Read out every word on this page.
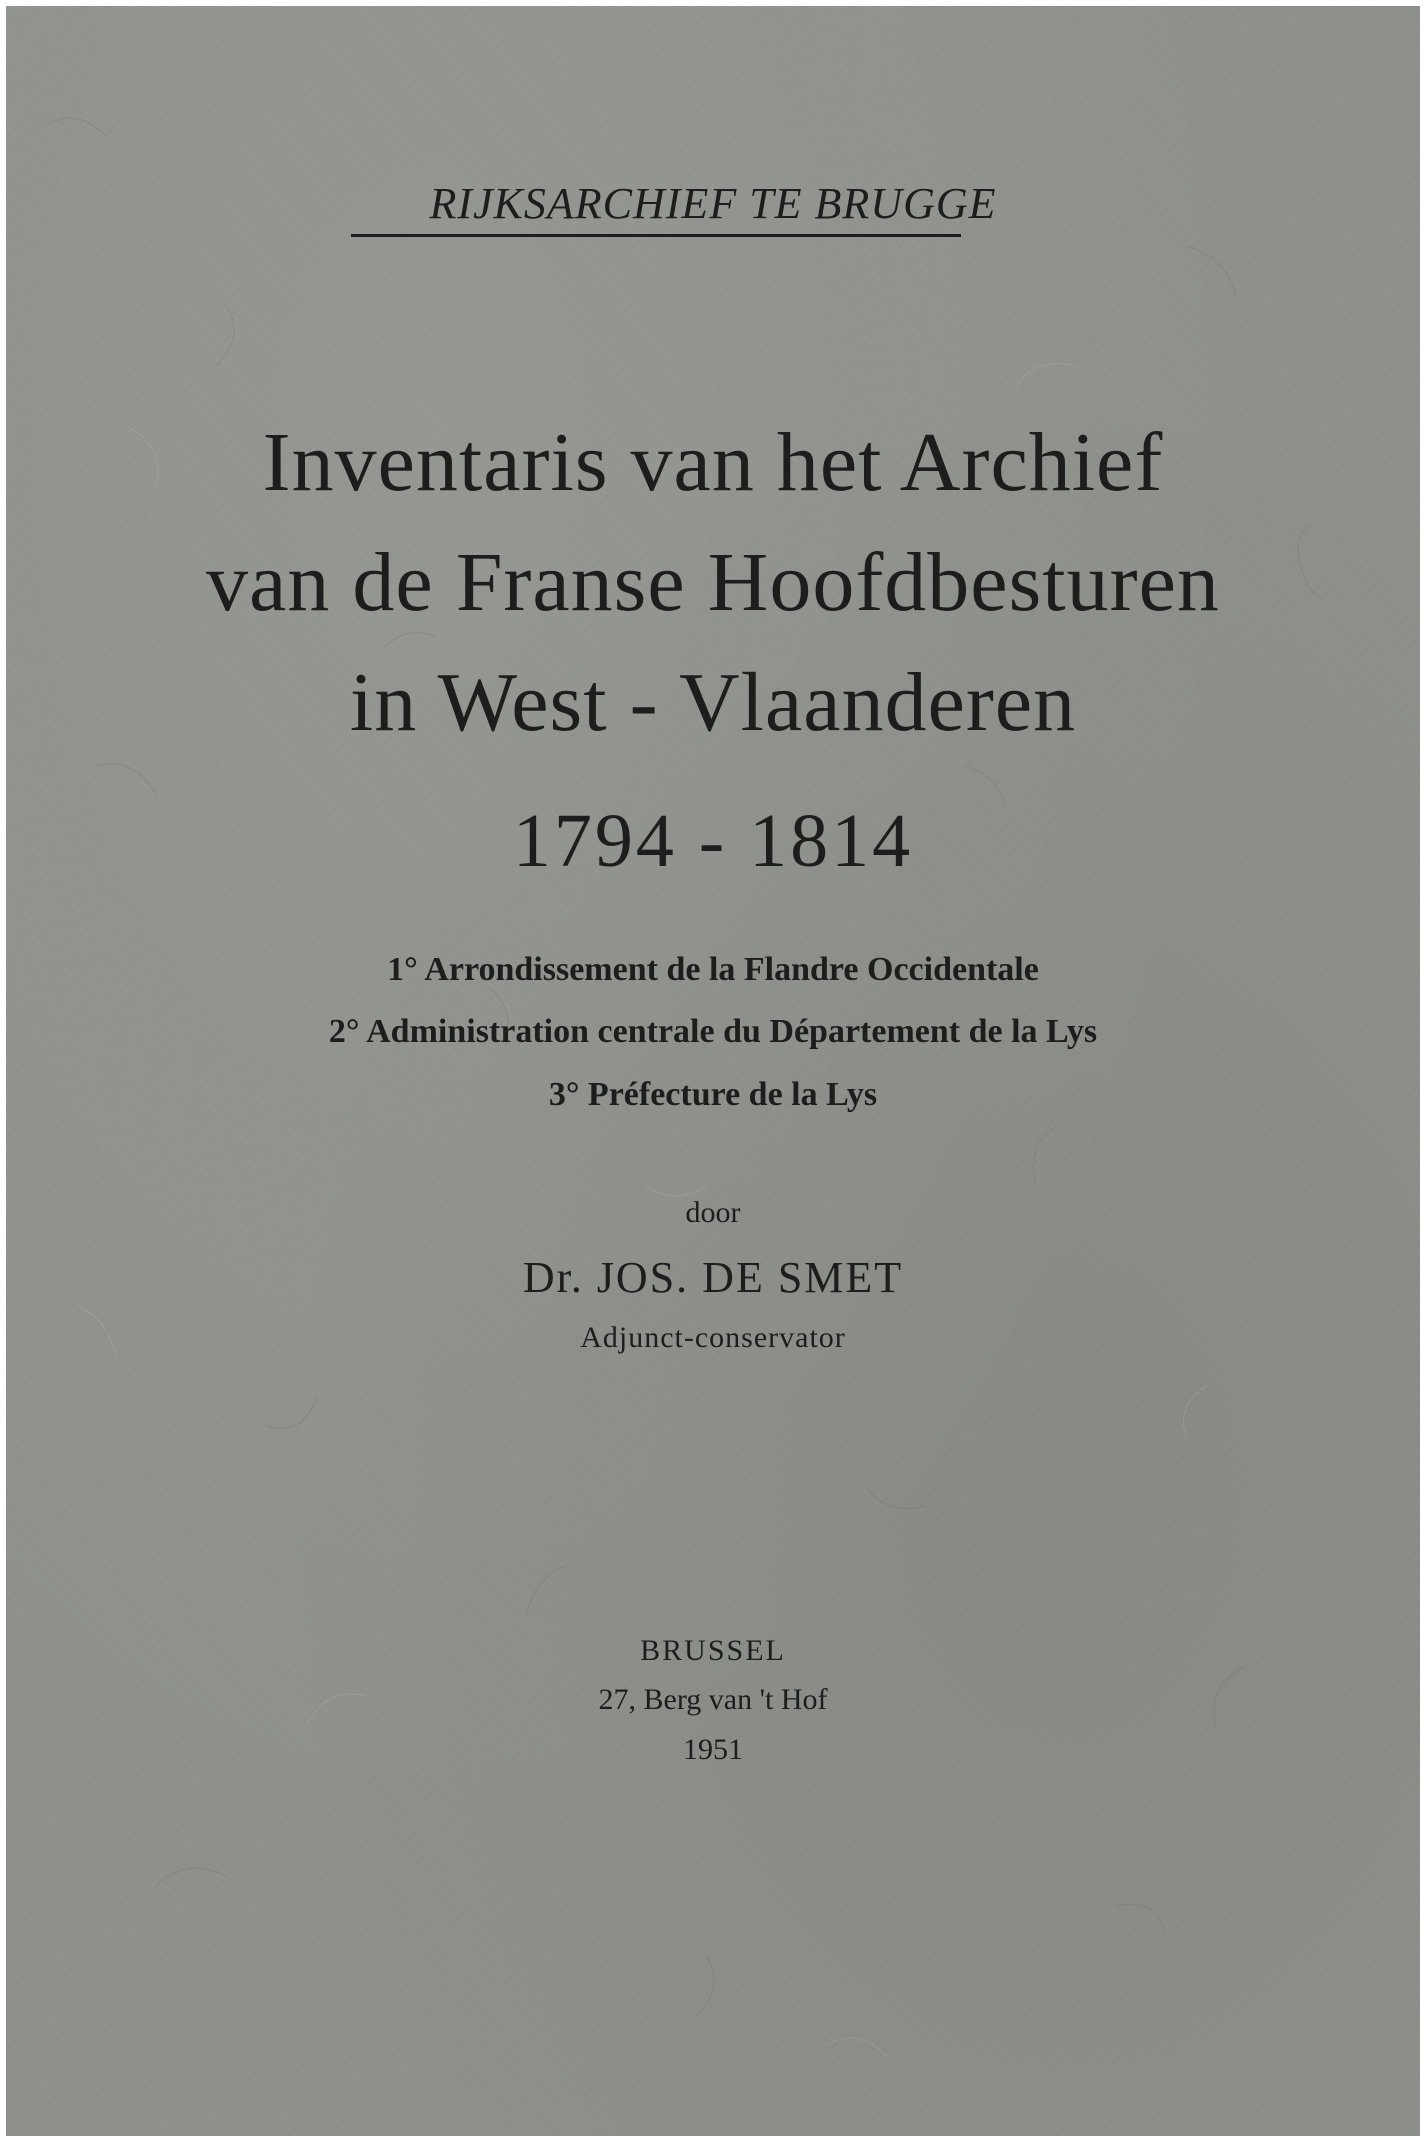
RIJKSARCHIEF TE BRUGGE
Inventaris van het Archief
van de Franse Hoofdbesturen
in West - Vlaanderen
1794 - 1814
1° Arrondissement de la Flandre Occidentale
2° Administration centrale du Département de la Lys
3° Préfecture de la Lys
door
Dr. JOS. DE SMET
Adjunct-conservator
BRUSSEL
27, Berg van 't Hof
1951
